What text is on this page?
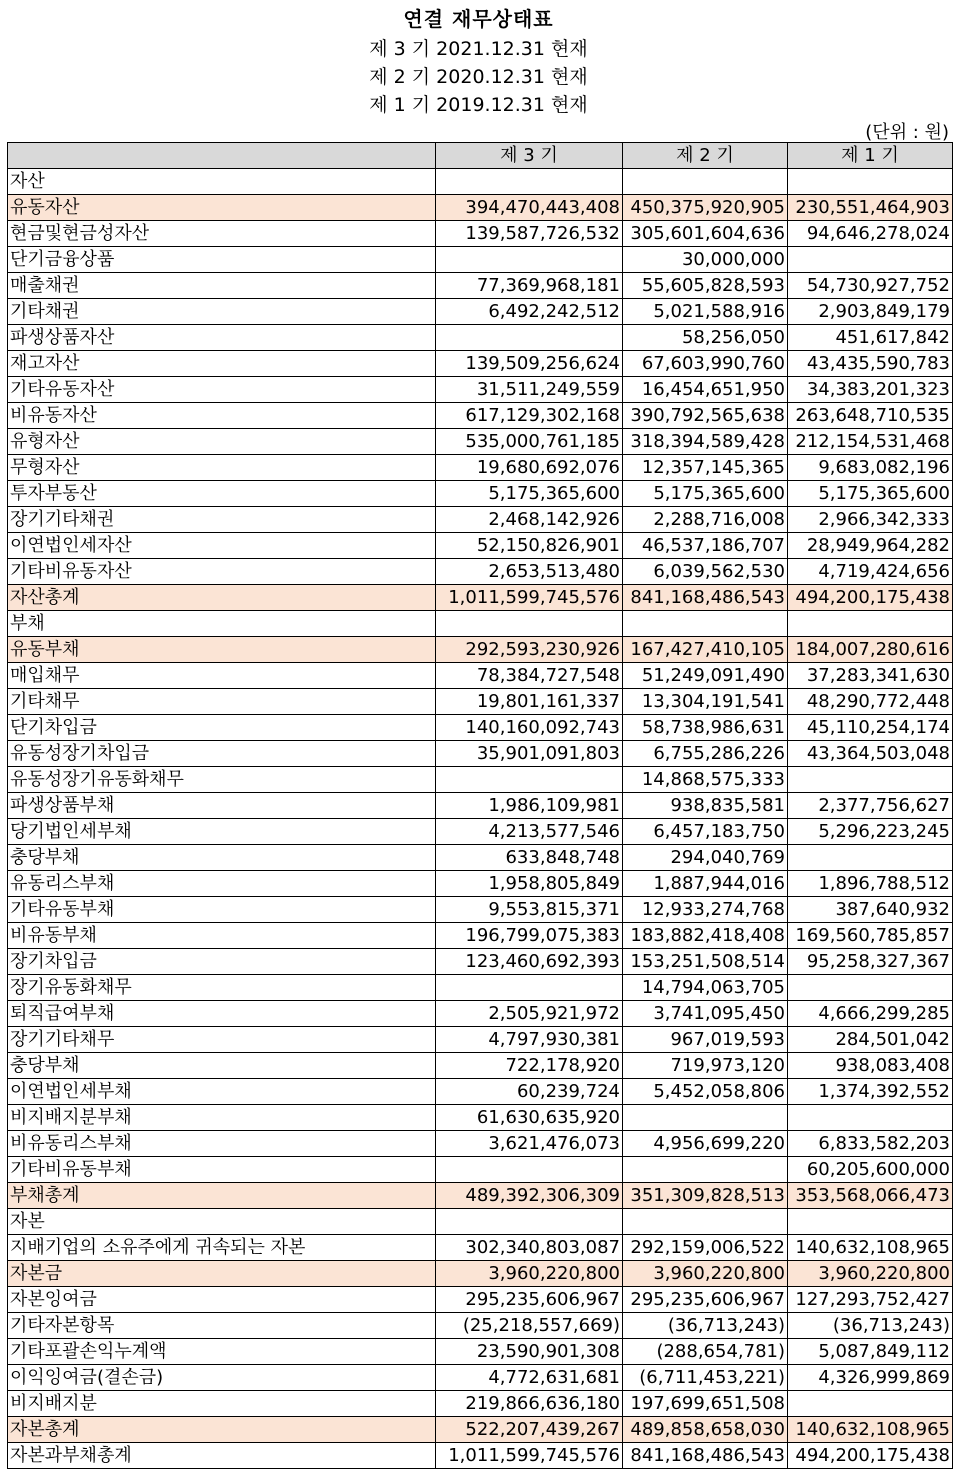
연결 재무상태표
제 3 기 2021.12.31 현재
제 2 기 2020.12.31 현재
제 1 기 2019.12.31 현재
(단위 : 원)
	제 3 기	제 2 기	제 1 기
자산			
유동자산	394,470,443,408	450,375,920,905	230,551,464,903
현금및현금성자산	139,587,726,532	305,601,604,636	94,646,278,024
단기금융상품		30,000,000	
매출채권	77,369,968,181	55,605,828,593	54,730,927,752
기타채권	6,492,242,512	5,021,588,916	2,903,849,179
파생상품자산		58,256,050	451,617,842
재고자산	139,509,256,624	67,603,990,760	43,435,590,783
기타유동자산	31,511,249,559	16,454,651,950	34,383,201,323
비유동자산	617,129,302,168	390,792,565,638	263,648,710,535
유형자산	535,000,761,185	318,394,589,428	212,154,531,468
무형자산	19,680,692,076	12,357,145,365	9,683,082,196
투자부동산	5,175,365,600	5,175,365,600	5,175,365,600
장기기타채권	2,468,142,926	2,288,716,008	2,966,342,333
이연법인세자산	52,150,826,901	46,537,186,707	28,949,964,282
기타비유동자산	2,653,513,480	6,039,562,530	4,719,424,656
자산총계	1,011,599,745,576	841,168,486,543	494,200,175,438
부채			
유동부채	292,593,230,926	167,427,410,105	184,007,280,616
매입채무	78,384,727,548	51,249,091,490	37,283,341,630
기타채무	19,801,161,337	13,304,191,541	48,290,772,448
단기차입금	140,160,092,743	58,738,986,631	45,110,254,174
유동성장기차입금	35,901,091,803	6,755,286,226	43,364,503,048
유동성장기유동화채무		14,868,575,333	
파생상품부채	1,986,109,981	938,835,581	2,377,756,627
당기법인세부채	4,213,577,546	6,457,183,750	5,296,223,245
충당부채	633,848,748	294,040,769	
유동리스부채	1,958,805,849	1,887,944,016	1,896,788,512
기타유동부채	9,553,815,371	12,933,274,768	387,640,932
비유동부채	196,799,075,383	183,882,418,408	169,560,785,857
장기차입금	123,460,692,393	153,251,508,514	95,258,327,367
장기유동화채무		14,794,063,705	
퇴직급여부채	2,505,921,972	3,741,095,450	4,666,299,285
장기기타채무	4,797,930,381	967,019,593	284,501,042
충당부채	722,178,920	719,973,120	938,083,408
이연법인세부채	60,239,724	5,452,058,806	1,374,392,552
비지배지분부채	61,630,635,920		
비유동리스부채	3,621,476,073	4,956,699,220	6,833,582,203
기타비유동부채			60,205,600,000
부채총계	489,392,306,309	351,309,828,513	353,568,066,473
자본			
지배기업의 소유주에게 귀속되는 자본	302,340,803,087	292,159,006,522	140,632,108,965
자본금	3,960,220,800	3,960,220,800	3,960,220,800
자본잉여금	295,235,606,967	295,235,606,967	127,293,752,427
기타자본항목	(25,218,557,669)	(36,713,243)	(36,713,243)
기타포괄손익누계액	23,590,901,308	(288,654,781)	5,087,849,112
이익잉여금(결손금)	4,772,631,681	(6,711,453,221)	4,326,999,869
비지배지분	219,866,636,180	197,699,651,508	
자본총계	522,207,439,267	489,858,658,030	140,632,108,965
자본과부채총계	1,011,599,745,576	841,168,486,543	494,200,175,438
